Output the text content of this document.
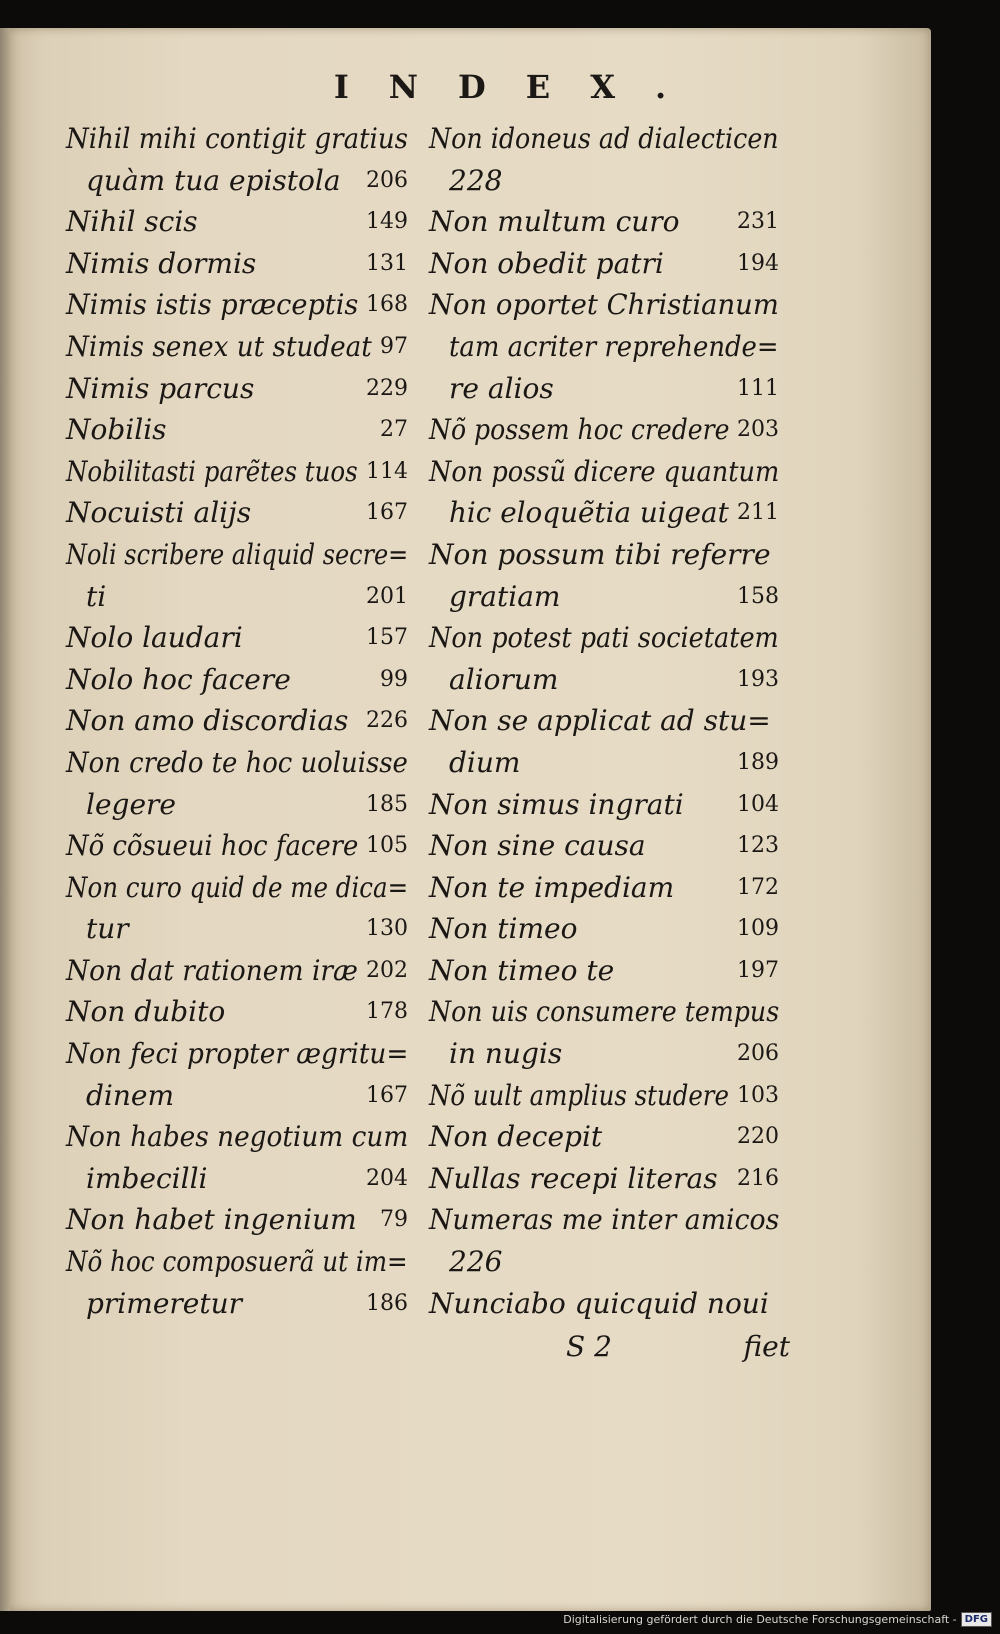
INDEX.
Nihil mihi contigit gratius
quàm tua epistola 206
Nihil scis	149
Nimis dormis	131
Nimis istis præceptis 168
Nimis senex ut studeat 97
Nimis parcus	229
Nobilis	27
Nobilitasti parẽtes tuos 114
Nocuisti alijs	167
Noli scribere aliquid secre=
ti	201
Nolo laudari	157
Nolo hoc facere	99
Non amo discordias 226
Non credo te hoc uoluisse
legere	185
Nõ cõsueui hoc facere 105
Non curo quid de me dica=
tur	130
Non dat rationem iræ 202
Non dubito	178
Non feci propter ægritu=
dinem	167
Non habes negotium cum
imbecilli	204
Non habet ingenium 79
Nõ hoc composuerã ut im=
primeretur	186
Non idoneus ad dialecticen
228
Non multum curo	231
Non obedit patri	194
Non oportet Christianum
tam acriter reprehende=
re alios	111
Nõ possem hoc credere 203
Non possũ dicere quantum
hic eloquẽtia uigeat 211
Non possum tibi referre
gratiam	158
Non potest pati societatem
aliorum	193
Non se applicat ad stu=
dium	189
Non simus ingrati 104
Non sine causa	123
Non te impediam	172
Non timeo	109
Non timeo te	197
Non uis consumere tempus
in nugis	206
Nõ uult amplius studere 103
Non decepit	220
Nullas recepi literas 216
Numeras me inter amicos
226
Nunciabo quicquid noui
S 2	fiet
Digitalisierung gefördert durch die Deutsche Forschungsgemeinschaft - DFG
